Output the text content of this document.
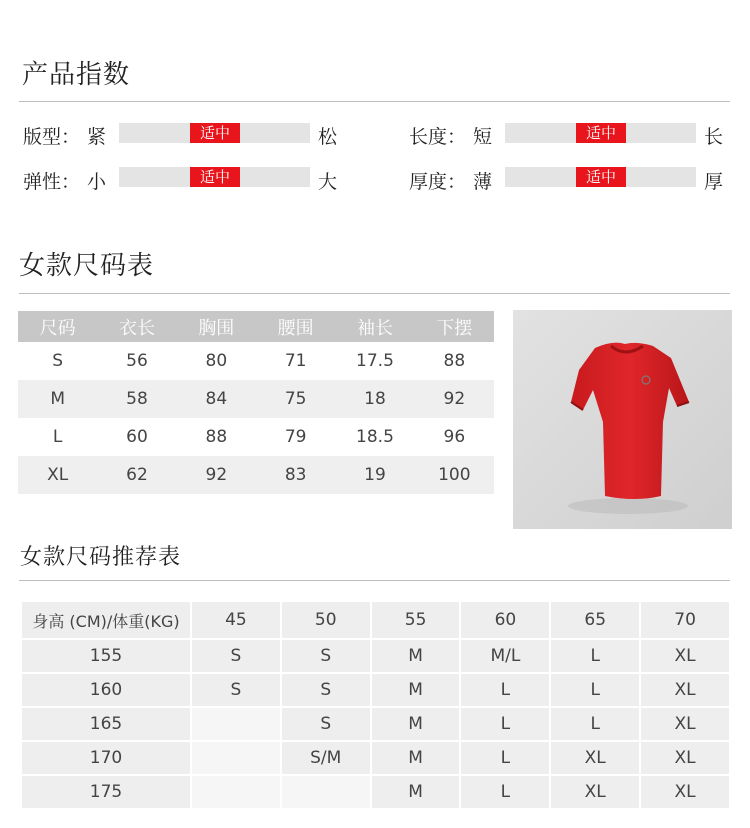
产品指数
版型： 紧	适中	松
弹性： 小	适中	大
长度： 短	适中	长
厚度： 薄	适中	厚
女款尺码表
尺码	衣长	胸围	腰围	袖长	下摆
S	56	80	71	17.5	88
M	58	84	75	18	92
L	60	88	79	18.5	96
XL	62	92	83	19	100
女款尺码推荐表
身高 (CM)/体重(KG)	45	50	55	60	65	70
155	S	S	M	M/L	L	XL
160	S	S	M	L	L	XL
165		S	M	L	L	XL
170		S/M	M	L	XL	XL
175			M	L	XL	XL
